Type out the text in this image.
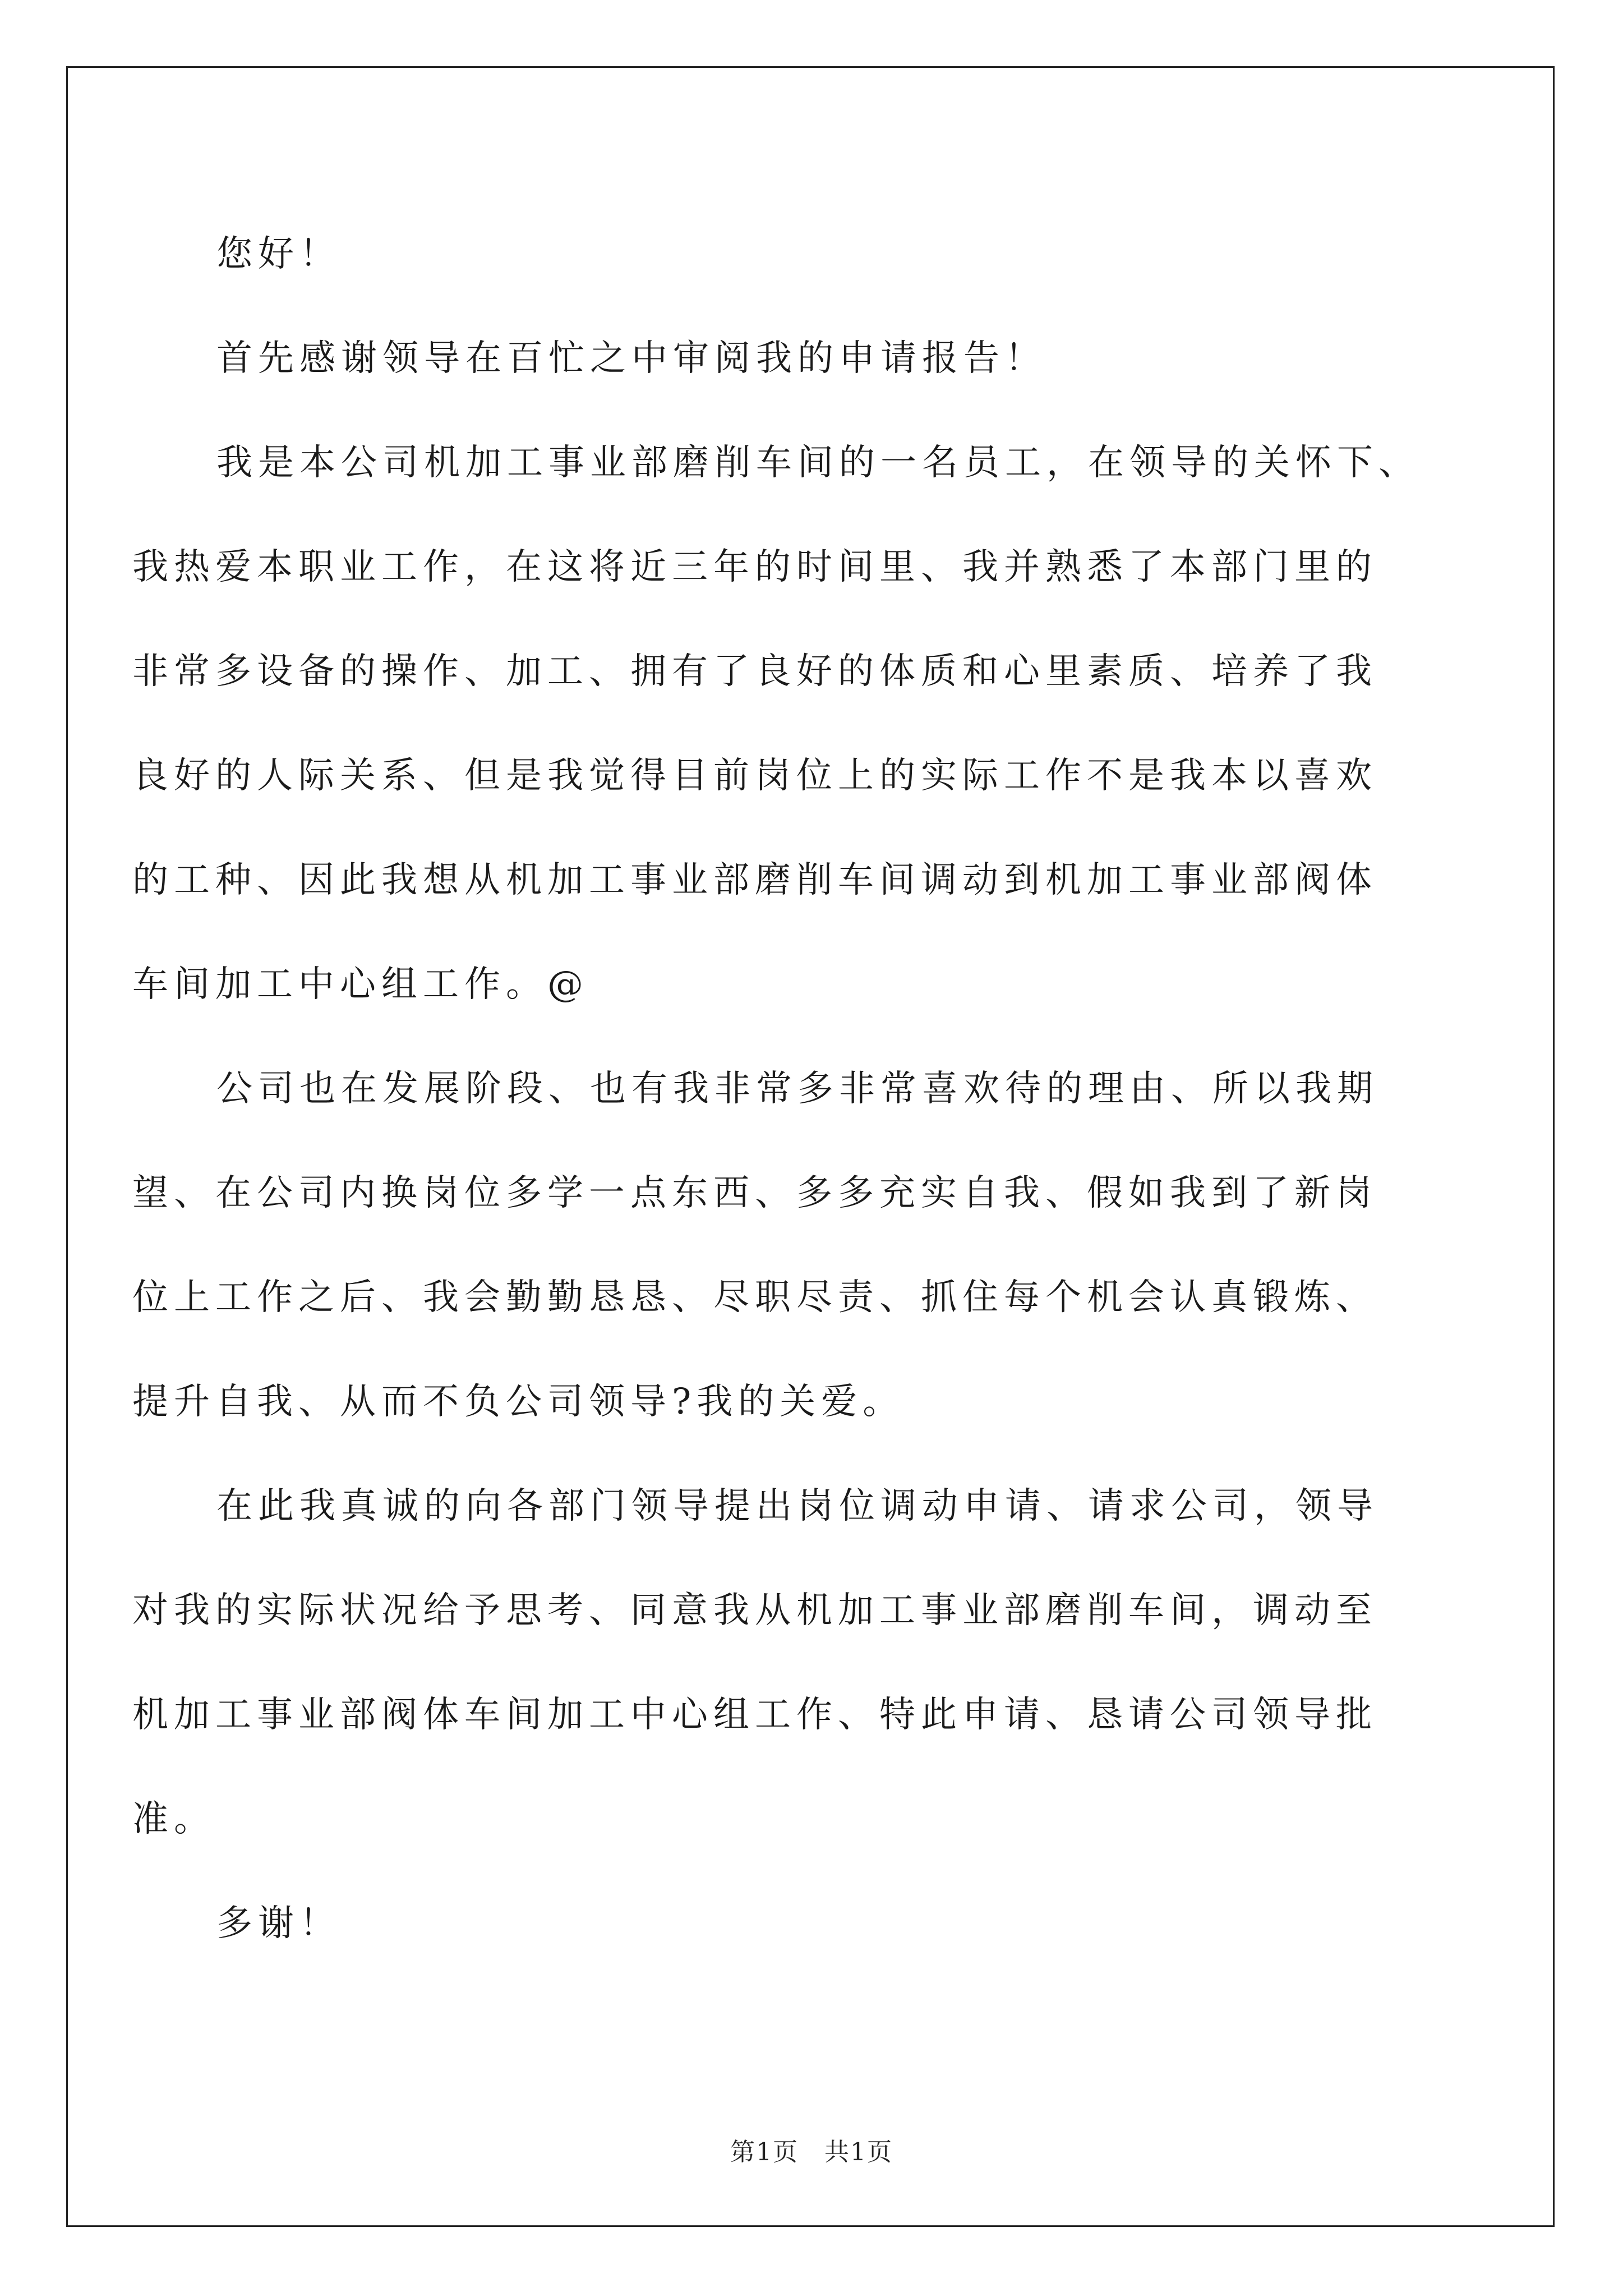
您好！

首先感谢领导在百忙之中审阅我的申请报告！

我是本公司机加工事业部磨削车间的一名员工，在领导的关怀下、
我热爱本职业工作，在这将近三年的时间里、我并熟悉了本部门里的
非常多设备的操作、加工、拥有了良好的体质和心里素质、培养了我
良好的人际关系、但是我觉得目前岗位上的实际工作不是我本以喜欢
的工种、因此我想从机加工事业部磨削车间调动到机加工事业部阀体
车间加工中心组工作。@

公司也在发展阶段、也有我非常多非常喜欢待的理由、所以我期
望、在公司内换岗位多学一点东西、多多充实自我、假如我到了新岗
位上工作之后、我会勤勤恳恳、尽职尽责、抓住每个机会认真锻炼、
提升自我、从而不负公司领导?我的关爱。

在此我真诚的向各部门领导提出岗位调动申请、请求公司，领导
对我的实际状况给予思考、同意我从机加工事业部磨削车间，调动至
机加工事业部阀体车间加工中心组工作、特此申请、恳请公司领导批
准。

多谢！

第1页　共1页
